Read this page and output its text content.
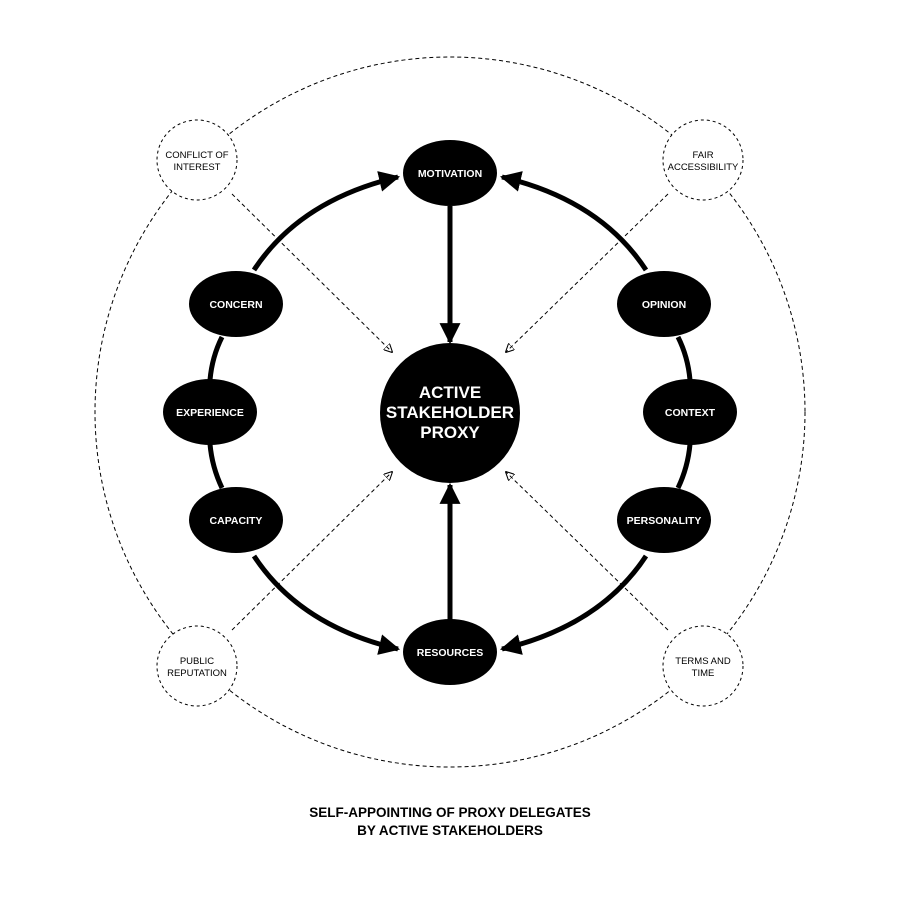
CONFLICT OF
INTEREST
FAIR
ACCESSIBILITY
PUBLIC
REPUTATION
TERMS AND
TIME
MOTIVATION
CONCERN
EXPERIENCE
CAPACITY
RESOURCES
OPINION
CONTEXT
PERSONALITY
ACTIVE
STAKEHOLDER
PROXY
SELF-APPOINTING OF PROXY DELEGATES
BY ACTIVE STAKEHOLDERS
